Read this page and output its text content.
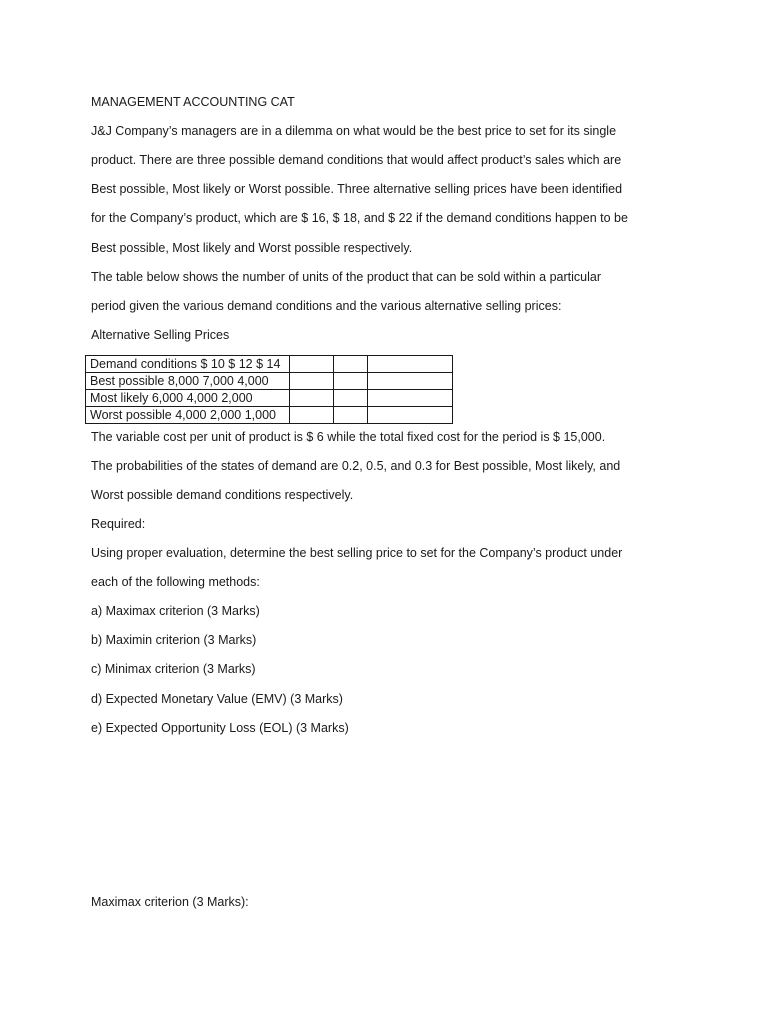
MANAGEMENT ACCOUNTING CAT
J&J Company’s managers are in a dilemma on what would be the best price to set for its single
product. There are three possible demand conditions that would affect product’s sales which are
Best possible, Most likely or Worst possible. Three alternative selling prices have been identified
for the Company’s product, which are $ 16, $ 18, and $ 22 if the demand conditions happen to be
Best possible, Most likely and Worst possible respectively.
The table below shows the number of units of the product that can be sold within a particular
period given the various demand conditions and the various alternative selling prices:
Alternative Selling Prices
Demand conditions $ 10 $ 12 $ 14			
Best possible 8,000 7,000 4,000			
Most likely 6,000 4,000 2,000			
Worst possible 4,000 2,000 1,000			
The variable cost per unit of product is $ 6 while the total fixed cost for the period is $ 15,000.
The probabilities of the states of demand are 0.2, 0.5, and 0.3 for Best possible, Most likely, and
Worst possible demand conditions respectively.
Required:
Using proper evaluation, determine the best selling price to set for the Company’s product under
each of the following methods:
a) Maximax criterion (3 Marks)
b) Maximin criterion (3 Marks)
c) Minimax criterion (3 Marks)
d) Expected Monetary Value (EMV) (3 Marks)
e) Expected Opportunity Loss (EOL) (3 Marks)
Maximax criterion (3 Marks):
